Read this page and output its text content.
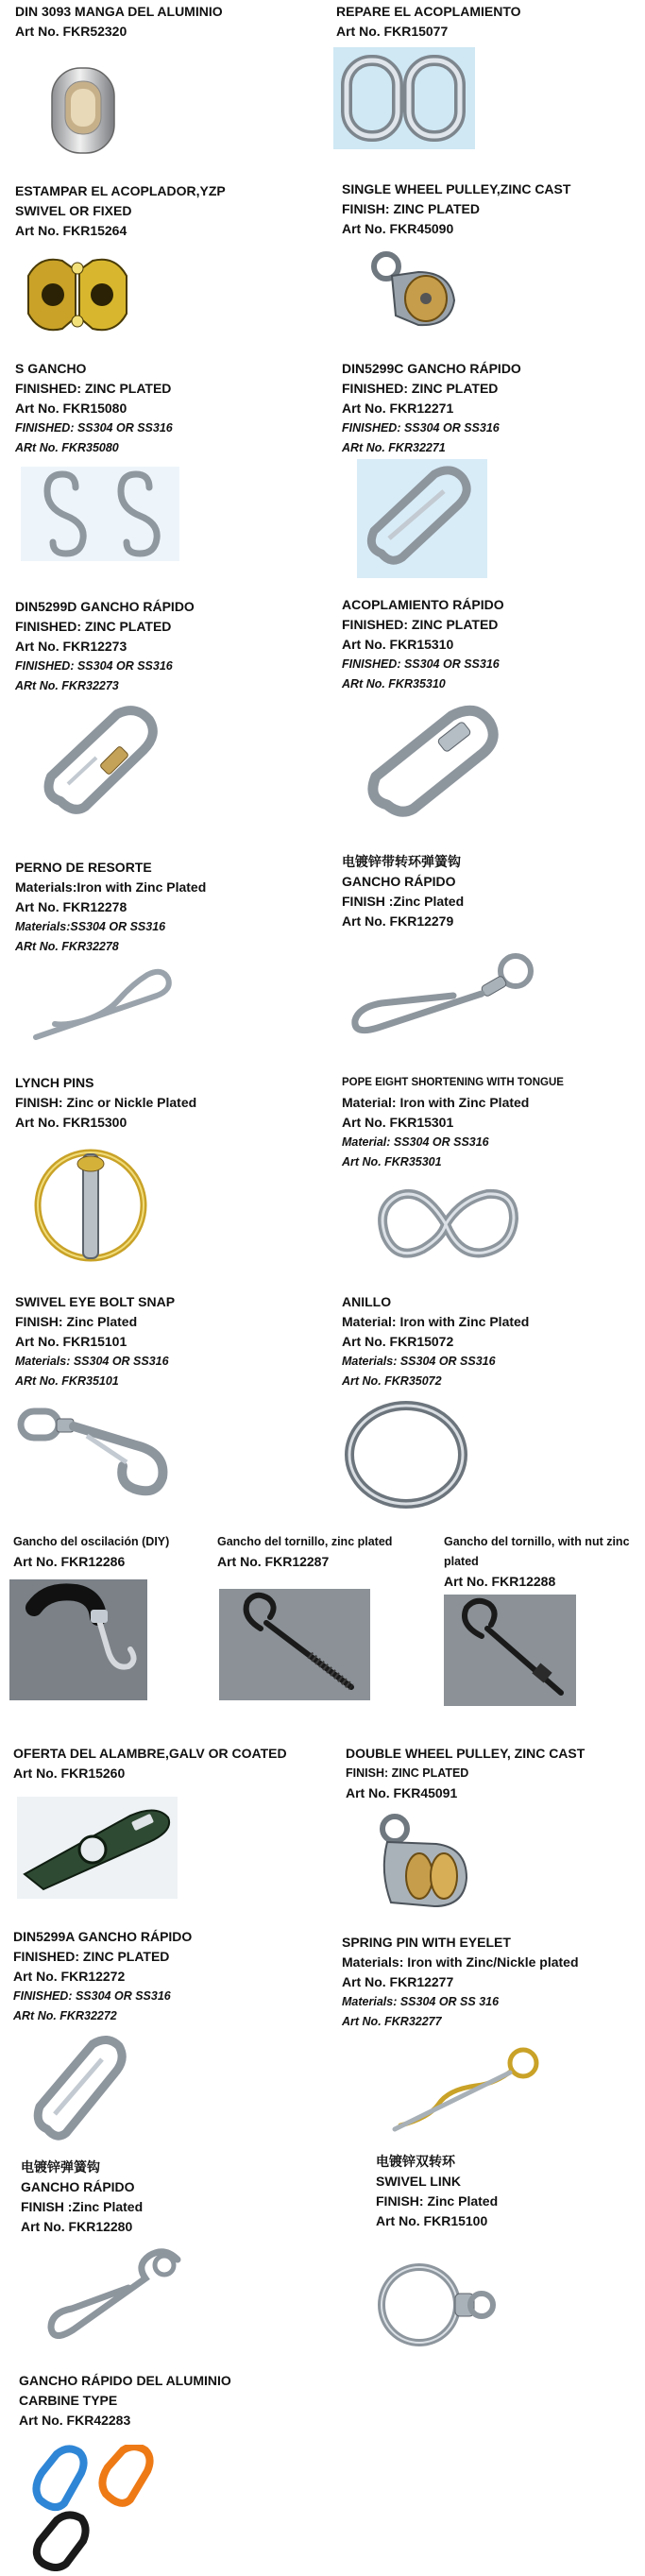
DIN 3093 MANGA DEL ALUMINIO
Art No. FKR52320
REPARE EL ACOPLAMIENTO
Art No. FKR15077
ESTAMPAR EL ACOPLADOR,YZP
SWIVEL OR FIXED
Art No. FKR15264
SINGLE WHEEL PULLEY,ZINC CAST
FINISH: ZINC PLATED
Art No. FKR45090
S GANCHO
FINISHED: ZINC PLATED
Art No. FKR15080
FINISHED: SS304 OR SS316
ARt No. FKR35080
DIN5299C GANCHO RÁPIDO
FINISHED: ZINC PLATED
Art No. FKR12271
FINISHED: SS304 OR SS316
ARt No. FKR32271
DIN5299D GANCHO RÁPIDO
FINISHED: ZINC PLATED
Art No. FKR12273
FINISHED: SS304 OR SS316
ARt No. FKR32273
ACOPLAMIENTO RÁPIDO
FINISHED: ZINC PLATED
Art No. FKR15310
FINISHED: SS304 OR SS316
ARt No. FKR35310
PERNO DE RESORTE
Materials:Iron with Zinc Plated
Art No. FKR12278
Materials:SS304 OR SS316
ARt No. FKR32278
电镀锌带转环弹簧钩
GANCHO RÁPIDO
FINISH :Zinc Plated
Art No. FKR12279
LYNCH PINS
FINISH: Zinc or Nickle Plated
Art No. FKR15300
POPE EIGHT SHORTENING WITH TONGUE
Material: Iron with Zinc Plated
Art No. FKR15301
Material: SS304 OR SS316
Art No. FKR35301
SWIVEL EYE BOLT SNAP
FINISH: Zinc Plated
Art No. FKR15101
Materials: SS304 OR SS316
ARt No. FKR35101
ANILLO
Material: Iron with Zinc Plated
Art No. FKR15072
Materials: SS304 OR SS316
Art No. FKR35072
Gancho del oscilación (DIY)
Art No. FKR12286
Gancho del tornillo, zinc plated
Art No. FKR12287
Gancho del tornillo, with nut zinc plated
Art No. FKR12288
OFERTA DEL ALAMBRE,GALV OR COATED
Art No. FKR15260
DOUBLE WHEEL PULLEY, ZINC CAST
FINISH: ZINC PLATED
Art No. FKR45091
DIN5299A GANCHO RÁPIDO
FINISHED: ZINC PLATED
Art No. FKR12272
FINISHED: SS304 OR SS316
ARt No. FKR32272
SPRING PIN WITH EYELET
Materials: Iron with Zinc/Nickle plated
Art No. FKR12277
Materials: SS304 OR SS 316
Art No. FKR32277
电镀锌弹簧钩
GANCHO RÁPIDO
FINISH :Zinc Plated
Art No. FKR12280
电镀锌双转环
SWIVEL LINK
FINISH: Zinc Plated
Art No. FKR15100
GANCHO RÁPIDO DEL ALUMINIO
CARBINE TYPE
Art No. FKR42283
